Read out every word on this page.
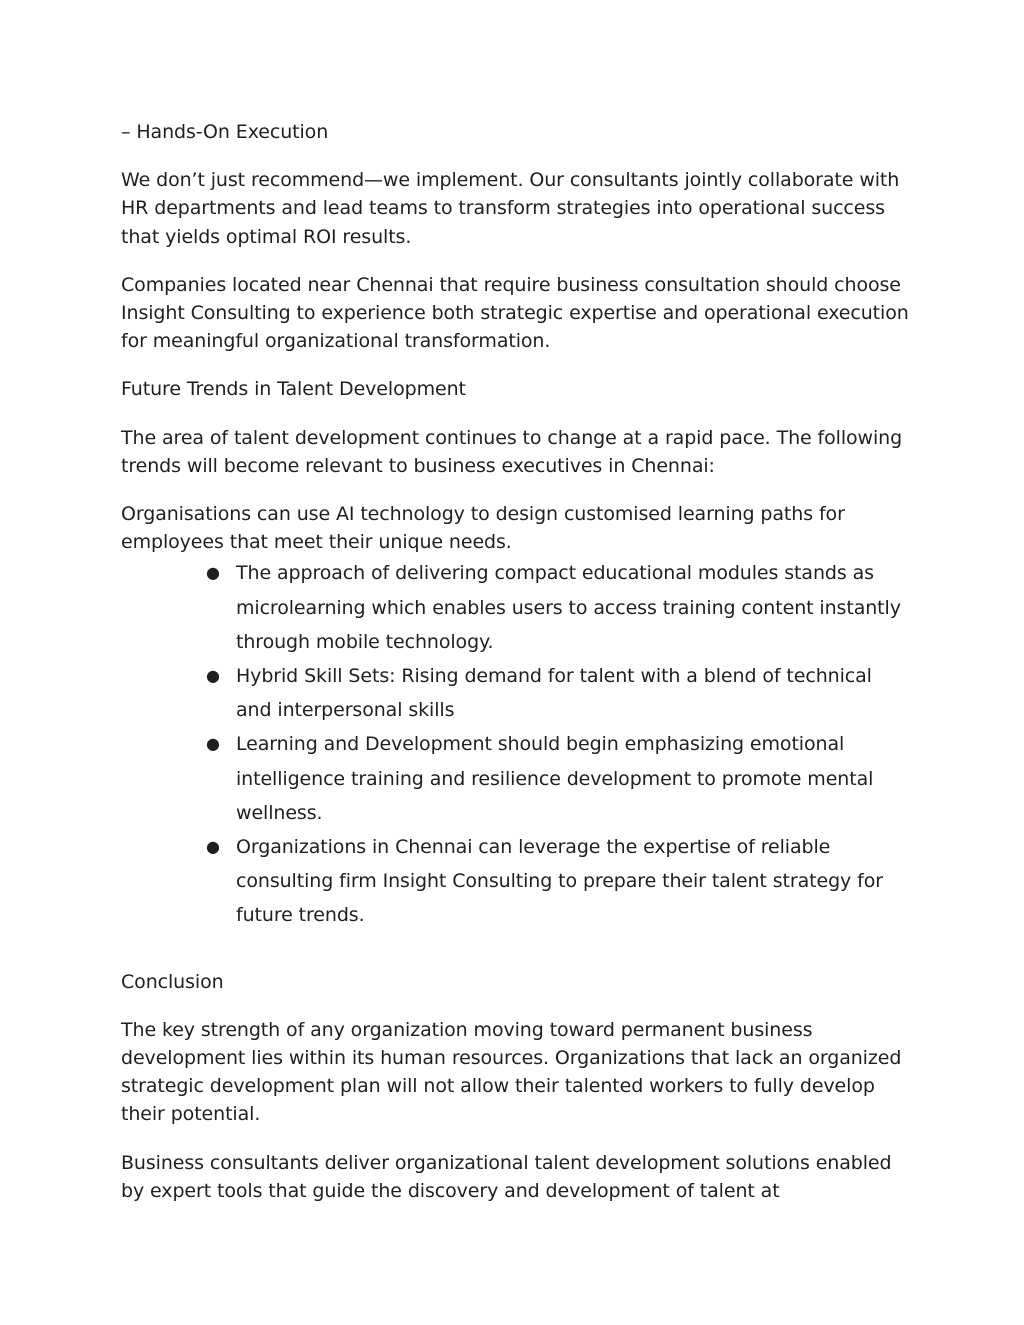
– Hands-On Execution

We don’t just recommend—we implement. Our consultants jointly collaborate with HR departments and lead teams to transform strategies into operational success that yields optimal ROI results.

Companies located near Chennai that require business consultation should choose Insight Consulting to experience both strategic expertise and operational execution for meaningful organizational transformation.

Future Trends in Talent Development

The area of talent development continues to change at a rapid pace. The following trends will become relevant to business executives in Chennai:

Organisations can use AI technology to design customised learning paths for employees that meet their unique needs.

● The approach of delivering compact educational modules stands as microlearning which enables users to access training content instantly through mobile technology.
● Hybrid Skill Sets: Rising demand for talent with a blend of technical and interpersonal skills
● Learning and Development should begin emphasizing emotional intelligence training and resilience development to promote mental wellness.
● Organizations in Chennai can leverage the expertise of reliable consulting firm Insight Consulting to prepare their talent strategy for future trends.

Conclusion

The key strength of any organization moving toward permanent business development lies within its human resources. Organizations that lack an organized strategic development plan will not allow their talented workers to fully develop their potential.

Business consultants deliver organizational talent development solutions enabled by expert tools that guide the discovery and development of talent at
